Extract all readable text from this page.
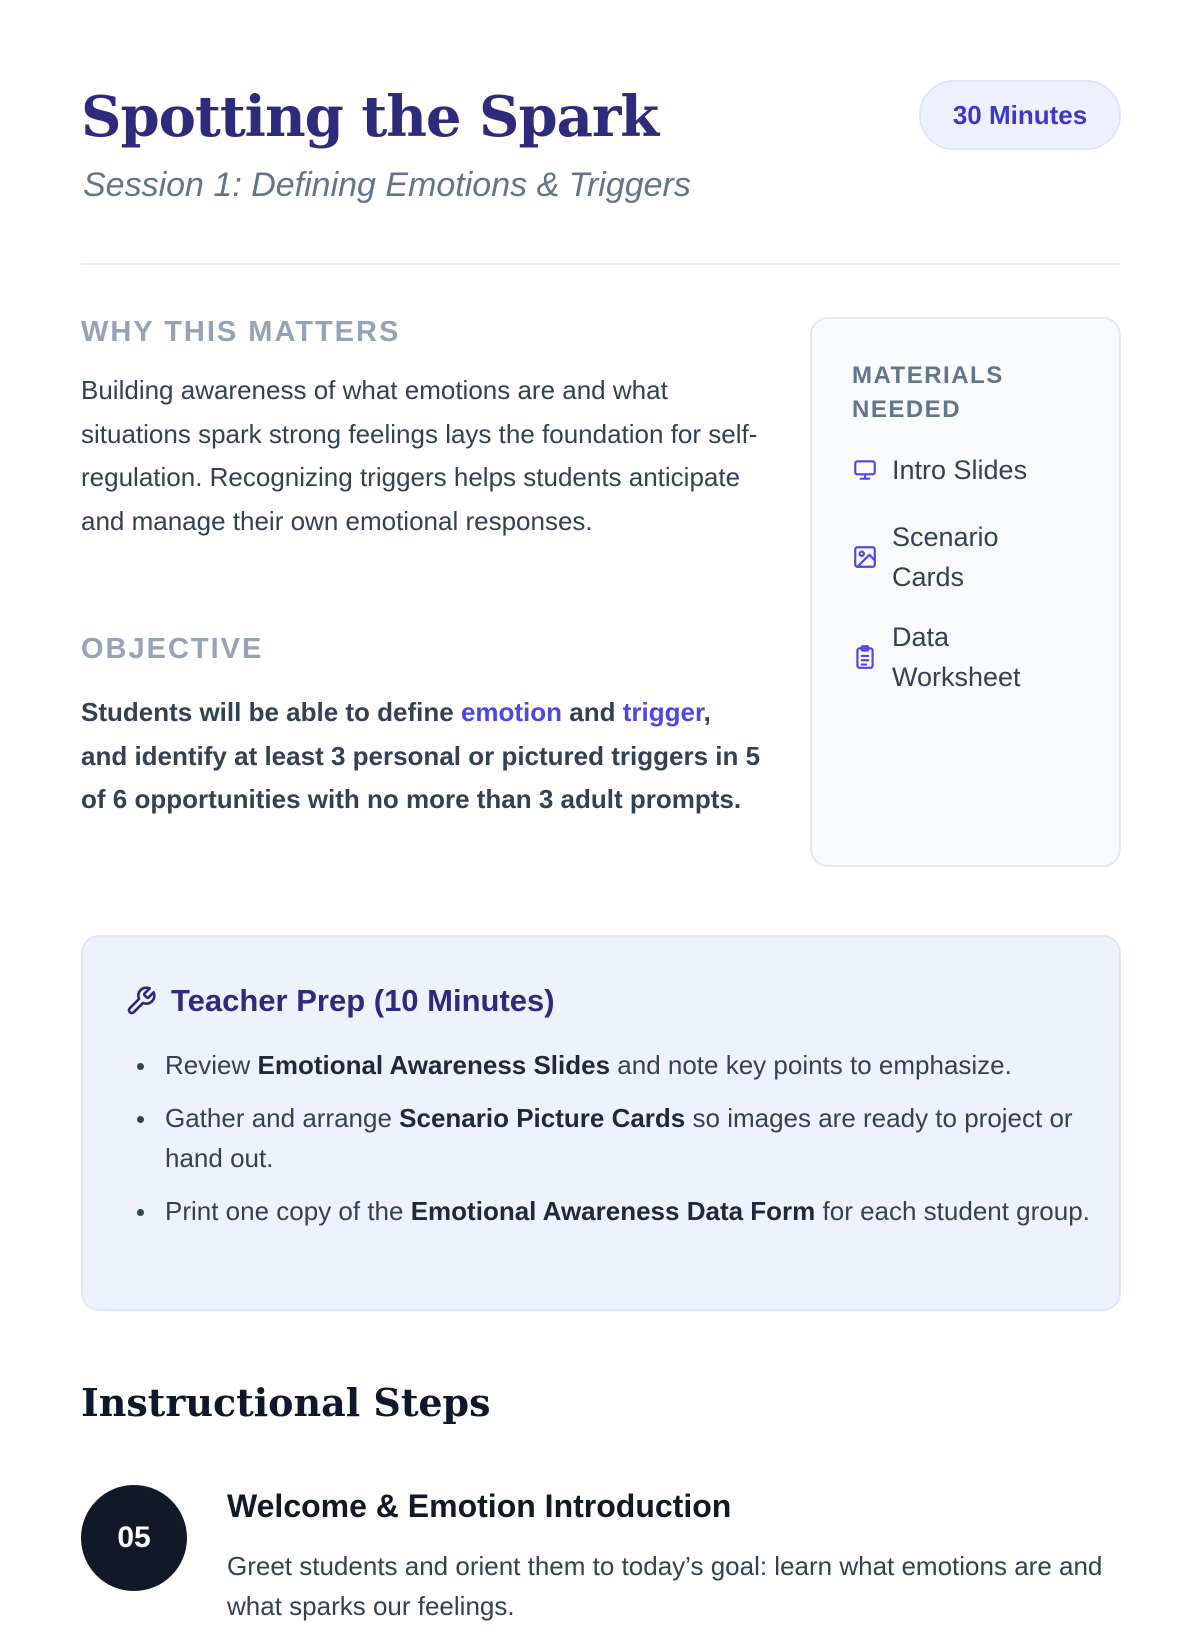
Spotting the Spark
Session 1: Defining Emotions & Triggers
30 Minutes
WHY THIS MATTERS

Building awareness of what emotions are and what situations spark strong feelings lays the foundation for self-regulation. Recognizing triggers helps students anticipate and manage their own emotional responses.

OBJECTIVE

Students will be able to define emotion and trigger, and identify at least 3 personal or pictured triggers in 5 of 6 opportunities with no more than 3 adult prompts.

MATERIALS NEEDED
Intro Slides
Scenario Cards
Data Worksheet
Teacher Prep (10 Minutes)
Review Emotional Awareness Slides and note key points to emphasize.
Gather and arrange Scenario Picture Cards so images are ready to project or hand out.
Print one copy of the Emotional Awareness Data Form for each student group.
Instructional Steps
05
Welcome & Emotion Introduction

Greet students and orient them to today’s goal: learn what emotions are and what sparks our feelings.
